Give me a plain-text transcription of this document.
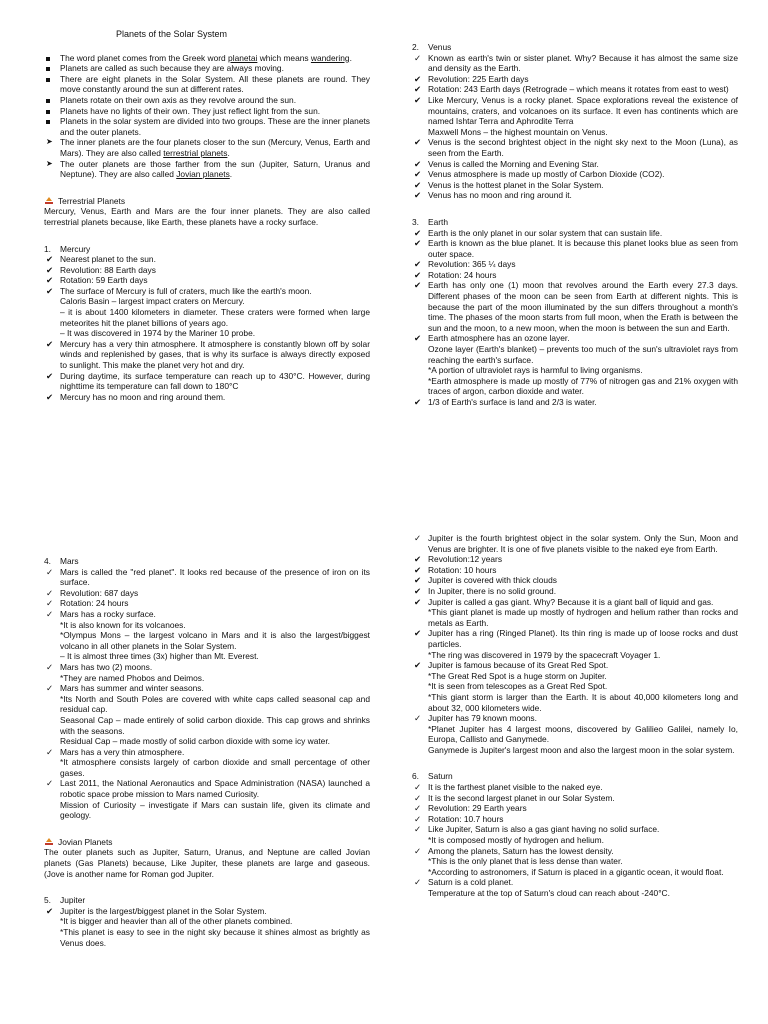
Planets of the Solar System
The word planet comes from the Greek word planetai which means wandering.
Planets are called as such because they are always moving.
There are eight planets in the Solar System. All these planets are round. They move constantly around the sun at different rates.
Planets rotate on their own axis as they revolve around the sun.
Planets have no lights of their own. They just reflect light from the sun.
Planets in the solar system are divided into two groups. These are the inner planets and the outer planets.
➤ The inner planets are the four planets closer to the sun (Mercury, Venus, Earth and Mars). They are also called terrestrial planets.
➤ The outer planets are those farther from the sun (Jupiter, Saturn, Uranus and Neptune). They are also called Jovian planets.
Terrestrial Planets
Mercury, Venus, Earth and Mars are the four inner planets. They are also called terrestrial planets because, like Earth, these planets have a rocky surface.
1. Mercury
✔ Nearest planet to the sun.
✔ Revolution: 88 Earth days
✔ Rotation: 59 Earth days
✔ The surface of Mercury is full of craters, much like the earth's moon.
Caloris Basin – largest impact craters on Mercury.
– it is about 1400 kilometers in diameter. These craters were formed when large meteorites hit the planet billions of years ago.
– It was discovered in 1974 by the Mariner 10 probe.
✔ Mercury has a very thin atmosphere. It atmosphere is constantly blown off by solar winds and replenished by gases, that is why its surface is always directly exposed to sunlight. This make the planet very hot and dry.
✔ During daytime, its surface temperature can reach up to 430°C. However, during nighttime its temperature can fall down to 180°C
✔ Mercury has no moon and ring around them.
4. Mars
✓ Mars is called the "red planet". It looks red because of the presence of iron on its surface.
✓ Revolution: 687 days
✓ Rotation: 24 hours
✓ Mars has a rocky surface.
*It is also known for its volcanoes.
*Olympus Mons – the largest volcano in Mars and it is also the largest/biggest volcano in all other planets in the Solar System.
– It is almost three times (3x) higher than Mt. Everest.
✓ Mars has two (2) moons.
*They are named Phobos and Deimos.
✓ Mars has summer and winter seasons.
*Its North and South Poles are covered with white caps called seasonal cap and residual cap.
Seasonal Cap – made entirely of solid carbon dioxide. This cap grows and shrinks with the seasons.
Residual Cap – made mostly of solid carbon dioxide with some icy water.
✓ Mars has a very thin atmosphere.
*It atmosphere consists largely of carbon dioxide and small percentage of other gases.
✓ Last 2011, the National Aeronautics and Space Administration (NASA) launched a robotic space probe mission to Mars named Curiosity.
Mission of Curiosity – investigate if Mars can sustain life, given its climate and geology.
Jovian Planets
The outer planets such as Jupiter, Saturn, Uranus, and Neptune are called Jovian planets (Gas Planets) because, Like Jupiter, these planets are large and gaseous. (Jove is another name for Roman god Jupiter.
5. Jupiter
✔ Jupiter is the largest/biggest planet in the Solar System.
*It is bigger and heavier than all of the other planets combined.
*This planet is easy to see in the night sky because it shines almost as brightly as Venus does.
2. Venus
✓ Known as earth's twin or sister planet. Why? Because it has almost the same size and density as the Earth.
✔ Revolution: 225 Earth days
✔ Rotation: 243 Earth days (Retrograde – which means it rotates from east to west)
✔ Like Mercury, Venus is a rocky planet. Space explorations reveal the existence of mountains, craters, and volcanoes on its surface. It even has continents which are named Ishtar Terra and Aphrodite Terra
Maxwell Mons – the highest mountain on Venus.
✔ Venus is the second brightest object in the night sky next to the Moon (Luna), as seen from the Earth.
✔ Venus is called the Morning and Evening Star.
✔ Venus atmosphere is made up mostly of Carbon Dioxide (CO2).
✔ Venus is the hottest planet in the Solar System.
✔ Venus has no moon and ring around it.
3. Earth
✔ Earth is the only planet in our solar system that can sustain life.
✔ Earth is known as the blue planet. It is because this planet looks blue as seen from outer space.
✔ Revolution: 365 ¼ days
✔ Rotation: 24 hours
✔ Earth has only one (1) moon that revolves around the Earth every 27.3 days. Different phases of the moon can be seen from Earth at different nights. This is because the part of the moon illuminated by the sun differs throughout a month's time. The phases of the moon starts from full moon, when the Erath is between the sun and the moon, to a new moon, when the moon is between the sun and Earth.
✔ Earth atmosphere has an ozone layer.
Ozone layer (Earth's blanket) – prevents too much of the sun's ultraviolet rays from reaching the earth's surface.
*A portion of ultraviolet rays is harmful to living organisms.
*Earth atmosphere is made up mostly of 77% of nitrogen gas and 21% oxygen with traces of argon, carbon dioxide and water.
✔ 1/3 of Earth's surface is land and 2/3 is water.
✓ Jupiter is the fourth brightest object in the solar system. Only the Sun, Moon and Venus are brighter. It is one of five planets visible to the naked eye from Earth.
✔ Revolution:12 years
✔ Rotation: 10 hours
✔ Jupiter is covered with thick clouds
✔ In Jupiter, there is no solid ground.
✔ Jupiter is called a gas giant. Why? Because it is a giant ball of liquid and gas.
*This giant planet is made up mostly of hydrogen and helium rather than rocks and metals as Earth.
✔ Jupiter has a ring (Ringed Planet). Its thin ring is made up of loose rocks and dust particles.
*The ring was discovered in 1979 by the spacecraft Voyager 1.
✔ Jupiter is famous because of its Great Red Spot.
*The Great Red Spot is a huge storm on Jupiter.
*It is seen from telescopes as a Great Red Spot.
*This giant storm is larger than the Earth. It is about 40,000 kilometers long and about 32, 000 kilometers wide.
✓ Jupiter has 79 known moons.
*Planet Jupiter has 4 largest moons, discovered by Galilieo Galilei, namely Io, Europa, Callisto and Ganymede.
Ganymede is Jupiter's largest moon and also the largest moon in the solar system.
6. Saturn
✓ It is the farthest planet visible to the naked eye.
✓ It is the second largest planet in our Solar System.
✓ Revolution: 29 Earth years
✓ Rotation: 10.7 hours
✓ Like Jupiter, Saturn is also a gas giant having no solid surface.
*It is composed mostly of hydrogen and helium.
✓ Among the planets, Saturn has the lowest density.
*This is the only planet that is less dense than water.
*According to astronomers, if Saturn is placed in a gigantic ocean, it would float.
✓ Saturn is a cold planet.
Temperature at the top of Saturn's cloud can reach about -240°C.
